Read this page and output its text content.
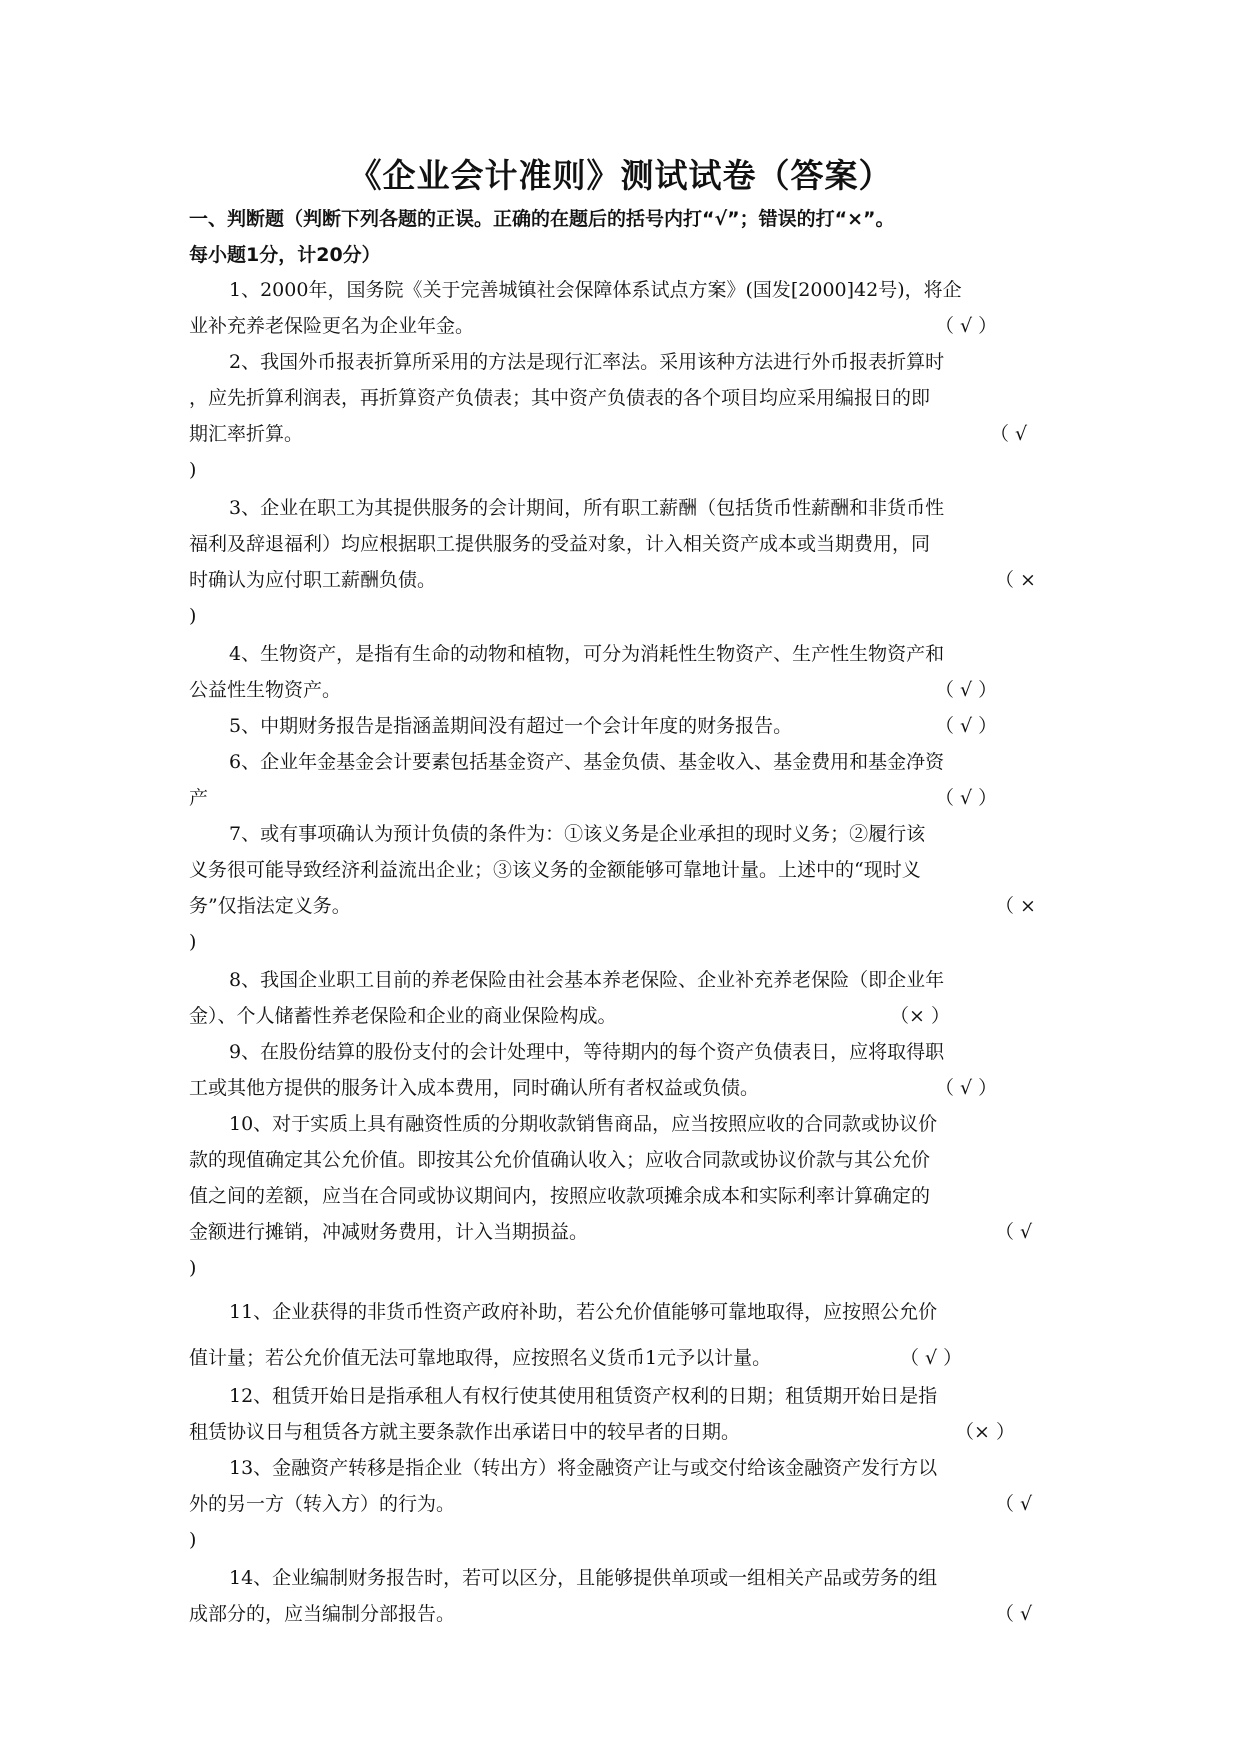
《企业会计准则》测试试卷（答案）
一、判断题（判断下列各题的正误。正确的在题后的括号内打“√”；错误的打“×”。
每小题1分，计20分）
1、2000年，国务院《关于完善城镇社会保障体系试点方案》(国发[2000]42号)，将企
业补充养老保险更名为企业年金。	（ √ ）
2、我国外币报表折算所采用的方法是现行汇率法。采用该种方法进行外币报表折算时
，应先折算利润表，再折算资产负债表；其中资产负债表的各个项目均应采用编报日的即
期汇率折算。	（ √
)
3、企业在职工为其提供服务的会计期间，所有职工薪酬（包括货币性薪酬和非货币性
福利及辞退福利）均应根据职工提供服务的受益对象，计入相关资产成本或当期费用，同
时确认为应付职工薪酬负债。	（ ×
)
4、生物资产，是指有生命的动物和植物，可分为消耗性生物资产、生产性生物资产和
公益性生物资产。	（ √ ）
5、中期财务报告是指涵盖期间没有超过一个会计年度的财务报告。	（ √ ）
6、企业年金基金会计要素包括基金资产、基金负债、基金收入、基金费用和基金净资
产	（ √ ）
7、或有事项确认为预计负债的条件为：①该义务是企业承担的现时义务；②履行该
义务很可能导致经济利益流出企业；③该义务的金额能够可靠地计量。上述中的“现时义
务”仅指法定义务。	（ ×
)
8、我国企业职工目前的养老保险由社会基本养老保险、企业补充养老保险（即企业年
金）、个人储蓄性养老保险和企业的商业保险构成。	（× ）
9、在股份结算的股份支付的会计处理中，等待期内的每个资产负债表日，应将取得职
工或其他方提供的服务计入成本费用，同时确认所有者权益或负债。	（ √ ）
10、对于实质上具有融资性质的分期收款销售商品，应当按照应收的合同款或协议价
款的现值确定其公允价值。即按其公允价值确认收入；应收合同款或协议价款与其公允价
值之间的差额，应当在合同或协议期间内，按照应收款项摊余成本和实际利率计算确定的
金额进行摊销，冲减财务费用，计入当期损益。	（ √
)
11、企业获得的非货币性资产政府补助，若公允价值能够可靠地取得，应按照公允价
值计量；若公允价值无法可靠地取得，应按照名义货币1元予以计量。	（ √ ）
12、租赁开始日是指承租人有权行使其使用租赁资产权利的日期；租赁期开始日是指
租赁协议日与租赁各方就主要条款作出承诺日中的较早者的日期。	（× ）
13、金融资产转移是指企业（转出方）将金融资产让与或交付给该金融资产发行方以
外的另一方（转入方）的行为。	（ √
)
14、企业编制财务报告时，若可以区分，且能够提供单项或一组相关产品或劳务的组
成部分的，应当编制分部报告。	（ √
